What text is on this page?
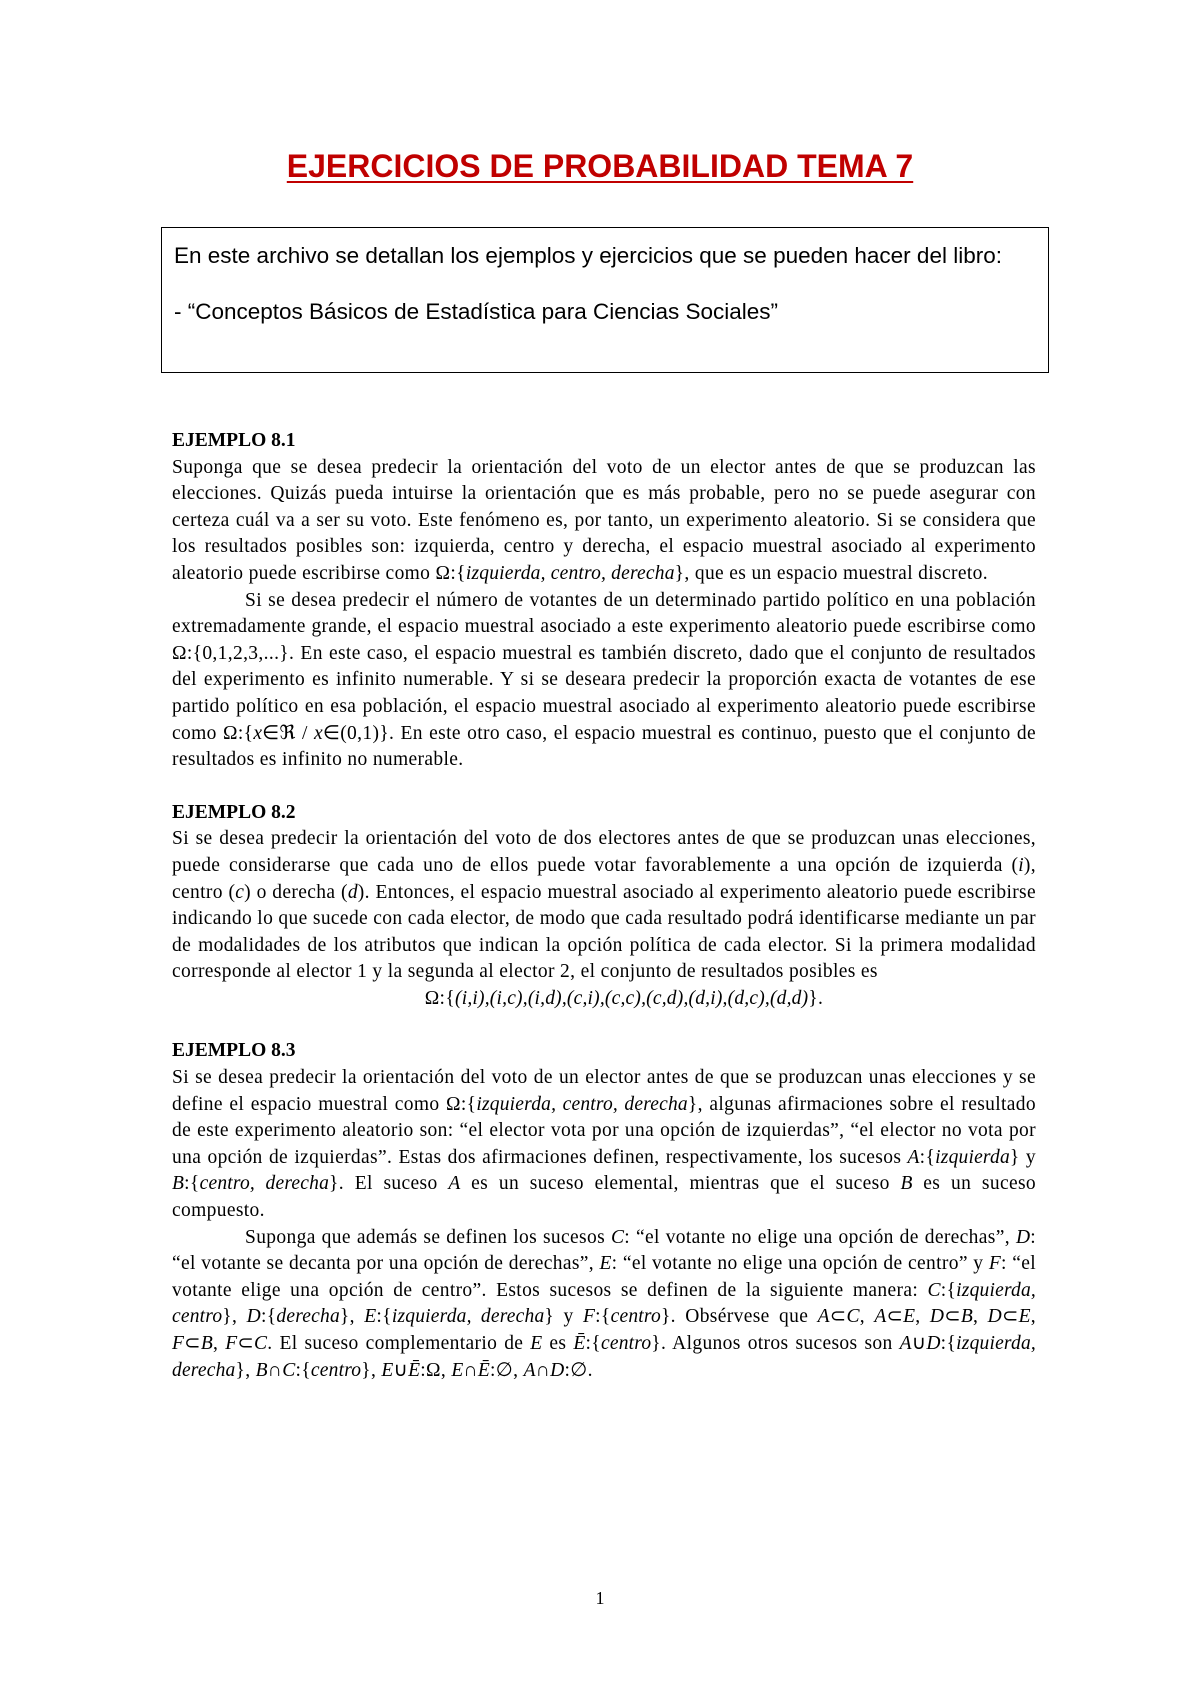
EJERCICIOS DE PROBABILIDAD TEMA 7

En este archivo se detallan los ejemplos y ejercicios que se pueden hacer del libro:

- “Conceptos Básicos de Estadística para Ciencias Sociales”

EJEMPLO 8.1

Suponga que se desea predecir la orientación del voto de un elector antes de que se produzcan las elecciones. Quizás pueda intuirse la orientación que es más probable, pero no se puede asegurar con certeza cuál va a ser su voto. Este fenómeno es, por tanto, un experimento aleatorio. Si se considera que los resultados posibles son: izquierda, centro y derecha, el espacio muestral asociado al experimento aleatorio puede escribirse como Ω:{izquierda, centro, derecha}, que es un espacio muestral discreto.

Si se desea predecir el número de votantes de un determinado partido político en una población extremadamente grande, el espacio muestral asociado a este experimento aleatorio puede escribirse como Ω:{0,1,2,3,...}. En este caso, el espacio muestral es también discreto, dado que el conjunto de resultados del experimento es infinito numerable. Y si se deseara predecir la proporción exacta de votantes de ese partido político en esa población, el espacio muestral asociado al experimento aleatorio puede escribirse como Ω:{x∈ℜ / x∈(0,1)}. En este otro caso, el espacio muestral es continuo, puesto que el conjunto de resultados es infinito no numerable.

EJEMPLO 8.2

Si se desea predecir la orientación del voto de dos electores antes de que se produzcan unas elecciones, puede considerarse que cada uno de ellos puede votar favorablemente a una opción de izquierda (i), centro (c) o derecha (d). Entonces, el espacio muestral asociado al experimento aleatorio puede escribirse indicando lo que sucede con cada elector, de modo que cada resultado podrá identificarse mediante un par de modalidades de los atributos que indican la opción política de cada elector. Si la primera modalidad corresponde al elector 1 y la segunda al elector 2, el conjunto de resultados posibles es

Ω:{(i,i),(i,c),(i,d),(c,i),(c,c),(c,d),(d,i),(d,c),(d,d)}.

EJEMPLO 8.3

Si se desea predecir la orientación del voto de un elector antes de que se produzcan unas elecciones y se define el espacio muestral como Ω:{izquierda, centro, derecha}, algunas afirmaciones sobre el resultado de este experimento aleatorio son: “el elector vota por una opción de izquierdas”, “el elector no vota por una opción de izquierdas”. Estas dos afirmaciones definen, respectivamente, los sucesos A:{izquierda} y B:{centro, derecha}. El suceso A es un suceso elemental, mientras que el suceso B es un suceso compuesto.

Suponga que además se definen los sucesos C: “el votante no elige una opción de derechas”, D: “el votante se decanta por una opción de derechas”, E: “el votante no elige una opción de centro” y F: “el votante elige una opción de centro”. Estos sucesos se definen de la siguiente manera: C:{izquierda, centro}, D:{derecha}, E:{izquierda, derecha} y F:{centro}. Obsérvese que A⊂C, A⊂E, D⊂B, D⊂E, F⊂B, F⊂C. El suceso complementario de E es Ē:{centro}. Algunos otros sucesos son A∪D:{izquierda, derecha}, B∩C:{centro}, E∪Ē:Ω, E∩Ē:∅, A∩D:∅.

1
